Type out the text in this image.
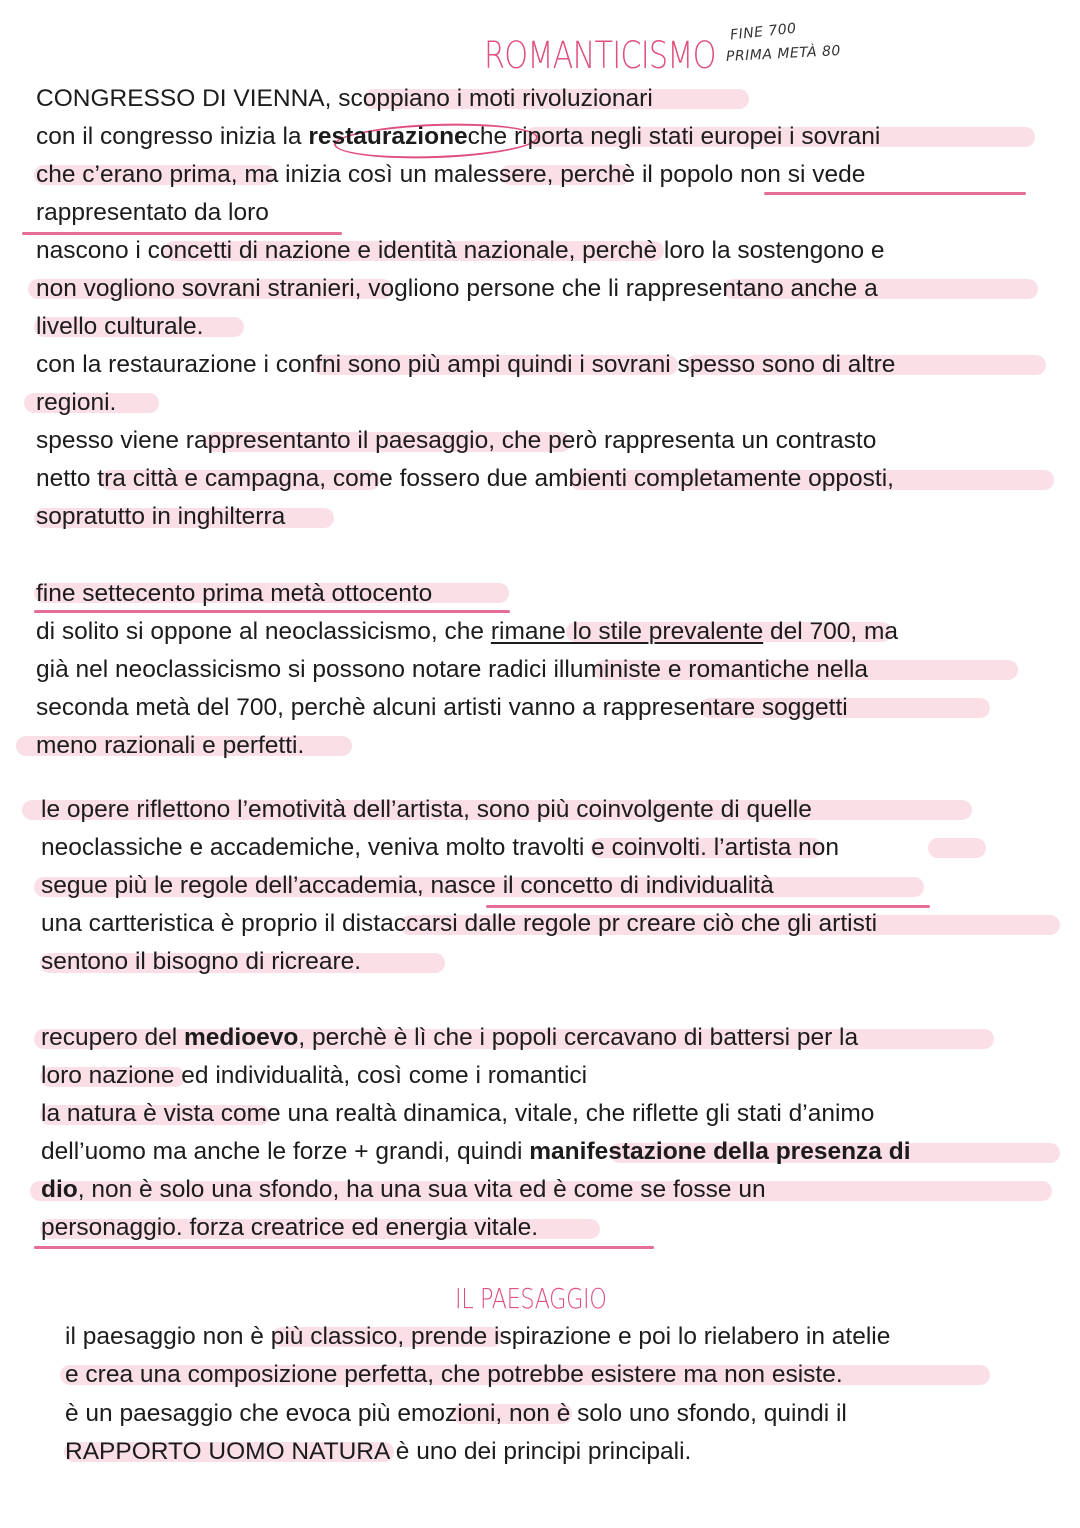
ROMANTICISMO
FINE 700
PRIMA METÀ 80
CONGRESSO DI VIENNA, scoppiano i moti rivoluzionari
con il congresso inizia la restaurazioneche riporta negli stati europei i sovrani
che c’erano prima, ma inizia così un malessere, perchè il popolo non si vede
rappresentato da loro
nascono i concetti di nazione e identità nazionale, perchè loro la sostengono e
non vogliono sovrani stranieri, vogliono persone che li rappresentano anche a
livello culturale.
con la restaurazione i confni sono più ampi quindi i sovrani spesso sono di altre
regioni.
spesso viene rappresentanto il paesaggio, che però rappresenta un contrasto
netto tra città e campagna, come fossero due ambienti completamente opposti,
sopratutto in inghilterra
fine settecento prima metà ottocento
di solito si oppone al neoclassicismo, che rimane lo stile prevalente del 700, ma
già nel neoclassicismo si possono notare radici illuministe e romantiche nella
seconda metà del 700, perchè alcuni artisti vanno a rappresentare soggetti
meno razionali e perfetti.
le opere riflettono l’emotività dell’artista, sono più coinvolgente di quelle
neoclassiche e accademiche, veniva molto travolti e coinvolti. l’artista non
segue più le regole dell’accademia, nasce il concetto di individualità
una cartteristica è proprio il distaccarsi dalle regole pr creare ciò che gli artisti
sentono il bisogno di ricreare.
recupero del medioevo, perchè è lì che i popoli cercavano di battersi per la
loro nazione ed individualità, così come i romantici
la natura è vista come una realtà dinamica, vitale, che riflette gli stati d’animo
dell’uomo ma anche le forze + grandi, quindi manifestazione della presenza di
dio, non è solo una sfondo, ha una sua vita ed è come se fosse un
personaggio. forza creatrice ed energia vitale.
IL PAESAGGIO
il paesaggio non è più classico, prende ispirazione e poi lo rielabero in atelie
e crea una composizione perfetta, che potrebbe esistere ma non esiste.
è un paesaggio che evoca più emozioni, non è solo uno sfondo, quindi il
RAPPORTO UOMO NATURA è uno dei principi principali.
